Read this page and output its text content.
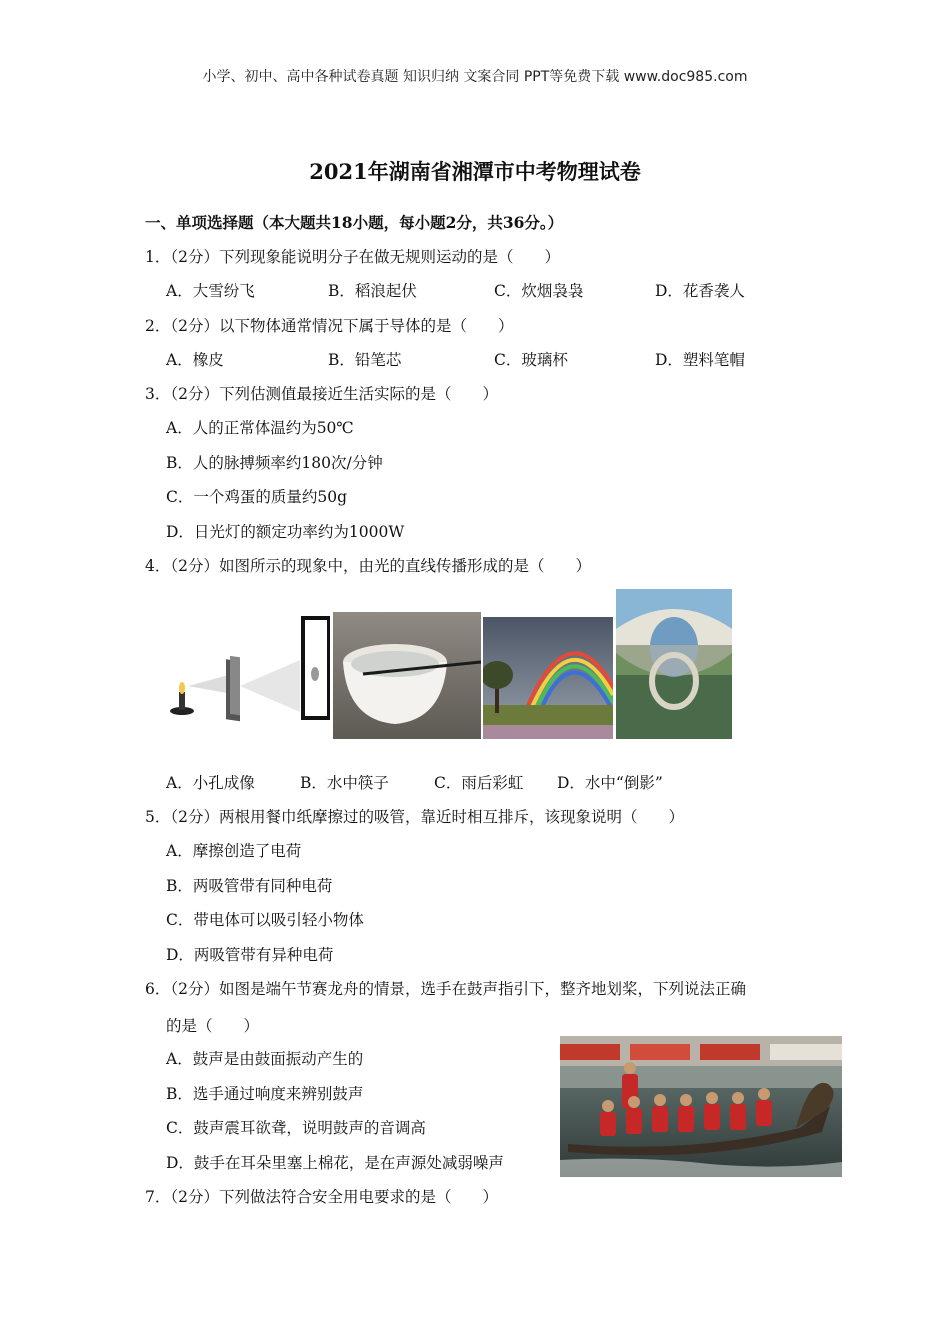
小学、初中、高中各种试卷真题 知识归纳 文案合同 PPT等免费下载 www.doc985.com
2021年湖南省湘潭市中考物理试卷
一、单项选择题（本大题共18小题，每小题2分，共36分。）
1．（2分）下列现象能说明分子在做无规则运动的是（　　）
A．大雪纷飞	B．稻浪起伏	C．炊烟袅袅	D．花香袭人
2．（2分）以下物体通常情况下属于导体的是（　　）
A．橡皮	B．铅笔芯	C．玻璃杯	D．塑料笔帽
3．（2分）下列估测值最接近生活实际的是（　　）
A．人的正常体温约为50℃
B．人的脉搏频率约180次/分钟
C．一个鸡蛋的质量约50g
D．日光灯的额定功率约为1000W
4．（2分）如图所示的现象中，由光的直线传播形成的是（　　）
A．小孔成像	B．水中筷子	C．雨后彩虹 D．水中“倒影”
5．（2分）两根用餐巾纸摩擦过的吸管，靠近时相互排斥，该现象说明（　　）
A．摩擦创造了电荷
B．两吸管带有同种电荷
C．带电体可以吸引轻小物体
D．两吸管带有异种电荷
6．（2分）如图是端午节赛龙舟的情景，选手在鼓声指引下，整齐地划桨，下列说法正确
的是（　　）
A．鼓声是由鼓面振动产生的
B．选手通过响度来辨别鼓声
C．鼓声震耳欲聋，说明鼓声的音调高
D．鼓手在耳朵里塞上棉花，是在声源处减弱噪声
7．（2分）下列做法符合安全用电要求的是（　　）
